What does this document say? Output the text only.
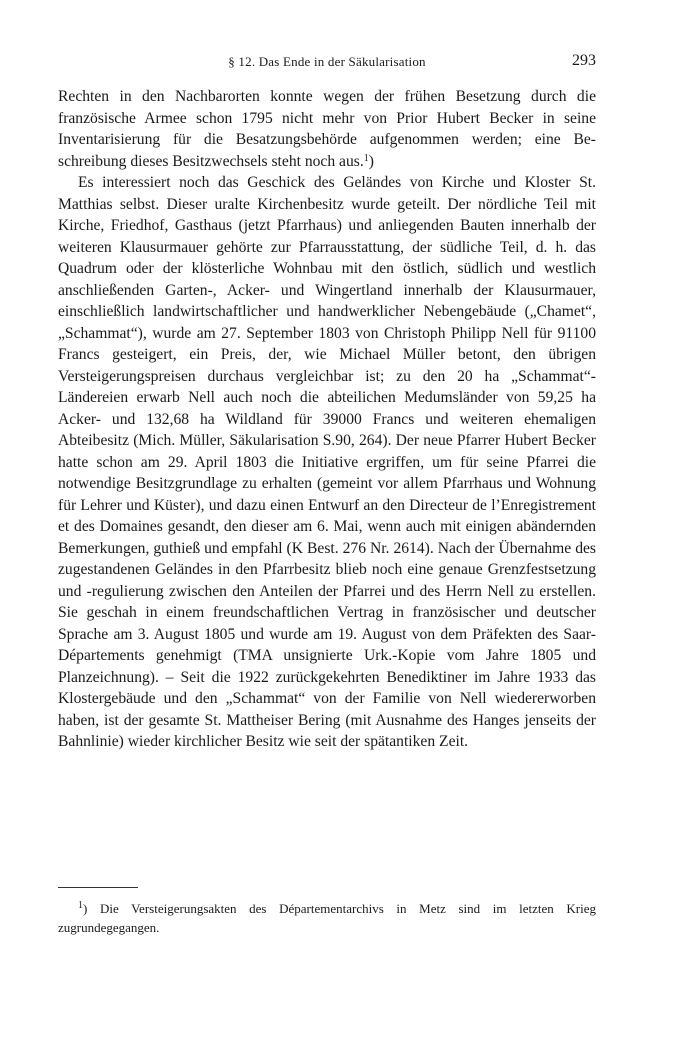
§ 12. Das Ende in der Säkularisation	293

Rechten in den Nachbarorten konnte wegen der frühen Besetzung durch die französische Armee schon 1795 nicht mehr von Prior Hubert Becker in seine Inventarisierung für die Besatzungsbehörde aufgenommen werden; eine Beschreibung dieses Besitzwechsels steht noch aus.$^1$)

Es interessiert noch das Geschick des Geländes von Kirche und Kloster St. Matthias selbst. Dieser uralte Kirchenbesitz wurde geteilt. Der nördliche Teil mit Kirche, Friedhof, Gasthaus (jetzt Pfarrhaus) und anliegenden Bauten innerhalb der weiteren Klausurmauer gehörte zur Pfarrausstattung, der südliche Teil, d. h. das Quadrum oder der klösterliche Wohnbau mit den östlich, südlich und westlich anschließenden Garten-, Acker- und Wingertland innerhalb der Klausurmauer, einschließlich landwirtschaftlicher und handwerklicher Nebengebäude („Chamet“, „Schammat“), wurde am 27. September 1803 von Christoph Philipp Nell für 91100 Francs gesteigert, ein Preis, der, wie Michael Müller betont, den übrigen Versteigerungspreisen durchaus vergleichbar ist; zu den 20 ha „Schammat“-Ländereien erwarb Nell auch noch die abteilichen Medumsländer von 59,25 ha Acker- und 132,68 ha Wildland für 39000 Francs und weiteren ehemaligen Abteibesitz (Mich. Müller, Säkularisation S.90, 264). Der neue Pfarrer Hubert Becker hatte schon am 29. April 1803 die Initiative ergriffen, um für seine Pfarrei die notwendige Besitzgrundlage zu erhalten (gemeint vor allem Pfarrhaus und Wohnung für Lehrer und Küster), und dazu einen Entwurf an den Directeur de l’Enregistrement et des Domaines gesandt, den dieser am 6. Mai, wenn auch mit einigen abändernden Bemerkungen, guthieß und empfahl (K Best. 276 Nr. 2614). Nach der Übernahme des zugestandenen Geländes in den Pfarrbesitz blieb noch eine genaue Grenzfestsetzung und -regulierung zwischen den Anteilen der Pfarrei und des Herrn Nell zu erstellen. Sie geschah in einem freundschaftlichen Vertrag in französischer und deutscher Sprache am 3. August 1805 und wurde am 19. August von dem Präfekten des Saar-Départements genehmigt (TMA unsignierte Urk.-Kopie vom Jahre 1805 und Planzeichnung). – Seit die 1922 zurückgekehrten Benediktiner im Jahre 1933 das Klostergebäude und den „Schammat“ von der Familie von Nell wiedererworben haben, ist der gesamte St. Mattheiser Bering (mit Ausnahme des Hanges jenseits der Bahnlinie) wieder kirchlicher Besitz wie seit der spätantiken Zeit.

$^1$) Die Versteigerungsakten des Départementarchivs in Metz sind im letzten Krieg zugrundegegangen.
